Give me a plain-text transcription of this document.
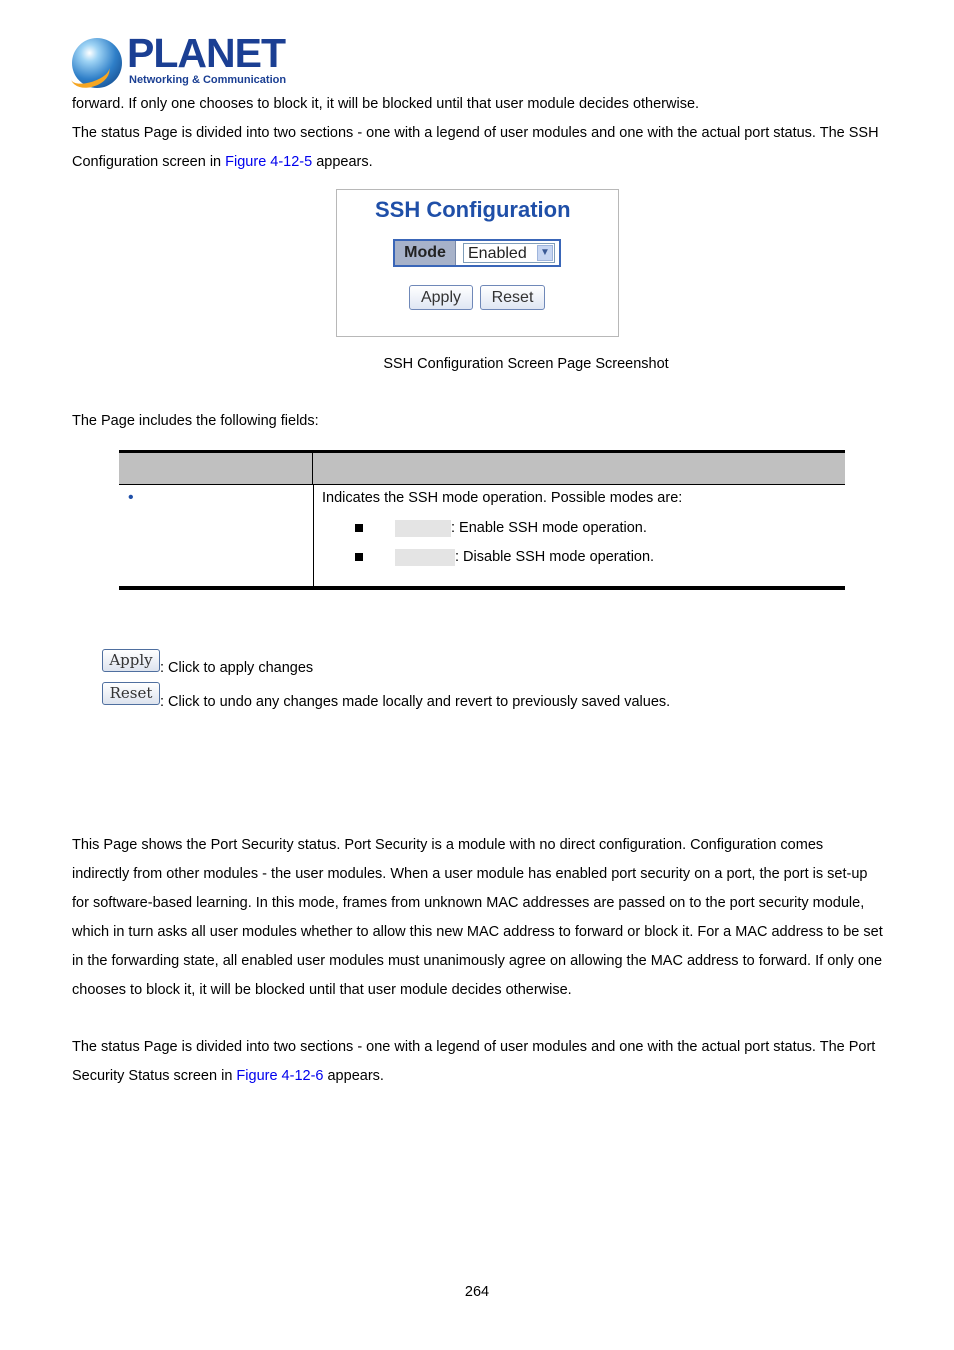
PLANET
Networking & Communication
forward. If only one chooses to block it, it will be blocked until that user module decides otherwise.
The status Page is divided into two sections - one with a legend of user modules and one with the actual port status. The SSH Configuration screen in Figure 4-12-5 appears.
SSH Configuration
Mode	Enabled	▼
Apply	Reset
SSH Configuration Screen Page Screenshot
The Page includes the following fields:
•	Indicates the SSH mode operation. Possible modes are:
: Enable SSH mode operation.
: Disable SSH mode operation.
Apply : Click to apply changes
Reset : Click to undo any changes made locally and revert to previously saved values.
This Page shows the Port Security status. Port Security is a module with no direct configuration. Configuration comes indirectly from other modules - the user modules. When a user module has enabled port security on a port, the port is set-up for software-based learning. In this mode, frames from unknown MAC addresses are passed on to the port security module, which in turn asks all user modules whether to allow this new MAC address to forward or block it. For a MAC address to be set in the forwarding state, all enabled user modules must unanimously agree on allowing the MAC address to forward. If only one chooses to block it, it will be blocked until that user module decides otherwise.
The status Page is divided into two sections - one with a legend of user modules and one with the actual port status. The Port Security Status screen in Figure 4-12-6 appears.
264
